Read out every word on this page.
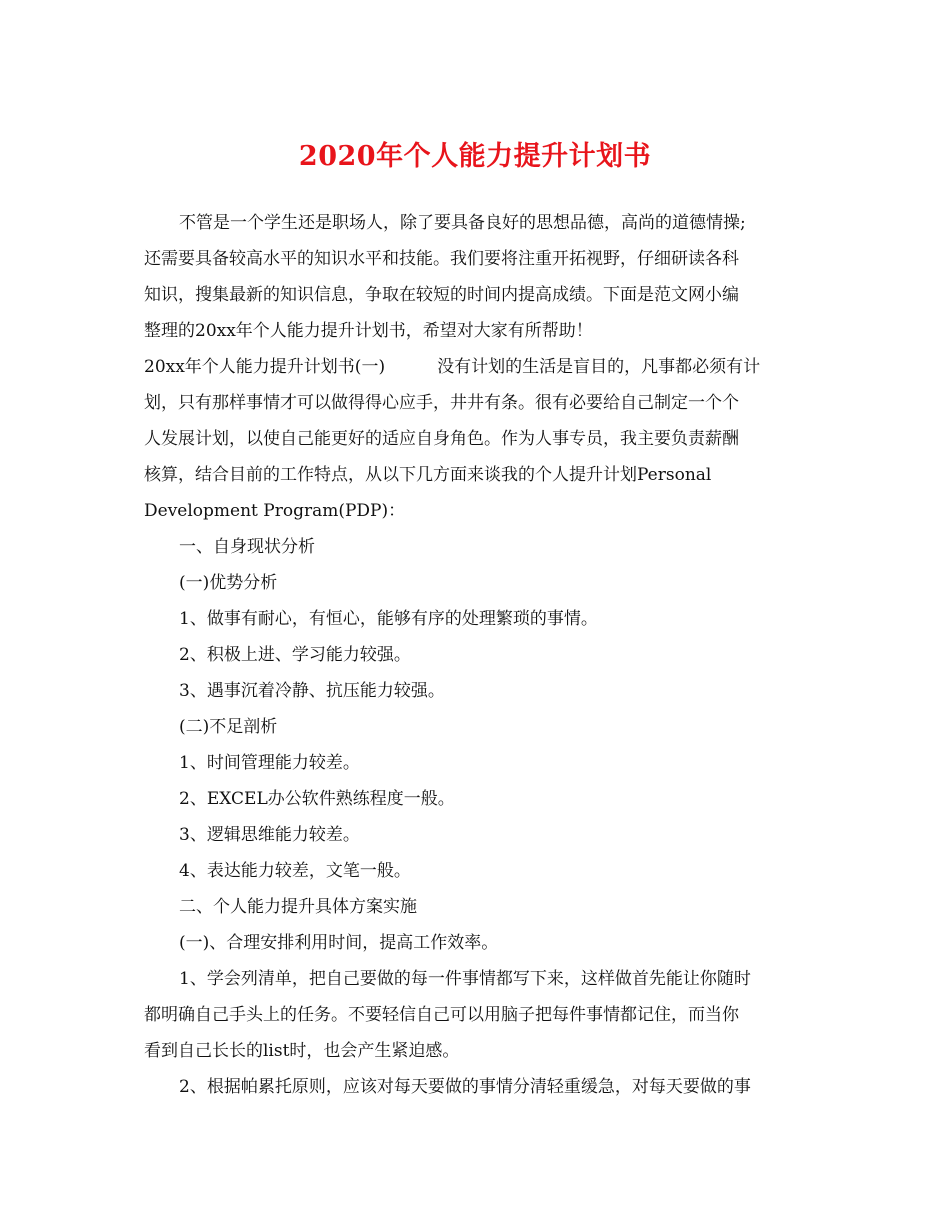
2020年个人能力提升计划书
不管是一个学生还是职场人，除了要具备良好的思想品德，高尚的道德情操;
还需要具备较高水平的知识水平和技能。我们要将注重开拓视野，仔细研读各科
知识，搜集最新的知识信息，争取在较短的时间内提高成绩。下面是范文网小编
整理的20xx年个人能力提升计划书，希望对大家有所帮助！
20xx年个人能力提升计划书(一)	没有计划的生活是盲目的，凡事都必须有计
划，只有那样事情才可以做得得心应手，井井有条。很有必要给自己制定一个个
人发展计划，以使自己能更好的适应自身角色。作为人事专员，我主要负责薪酬
核算，结合目前的工作特点，从以下几方面来谈我的个人提升计划Personal
Development Program(PDP)：
一、自身现状分析
(一)优势分析
1、做事有耐心，有恒心，能够有序的处理繁琐的事情。
2、积极上进、学习能力较强。
3、遇事沉着冷静、抗压能力较强。
(二)不足剖析
1、时间管理能力较差。
2、EXCEL办公软件熟练程度一般。
3、逻辑思维能力较差。
4、表达能力较差，文笔一般。
二、个人能力提升具体方案实施
(一)、合理安排利用时间，提高工作效率。
1、学会列清单，把自己要做的每一件事情都写下来，这样做首先能让你随时
都明确自己手头上的任务。不要轻信自己可以用脑子把每件事情都记住，而当你
看到自己长长的list时，也会产生紧迫感。
2、根据帕累托原则，应该对每天要做的事情分清轻重缓急，对每天要做的事
